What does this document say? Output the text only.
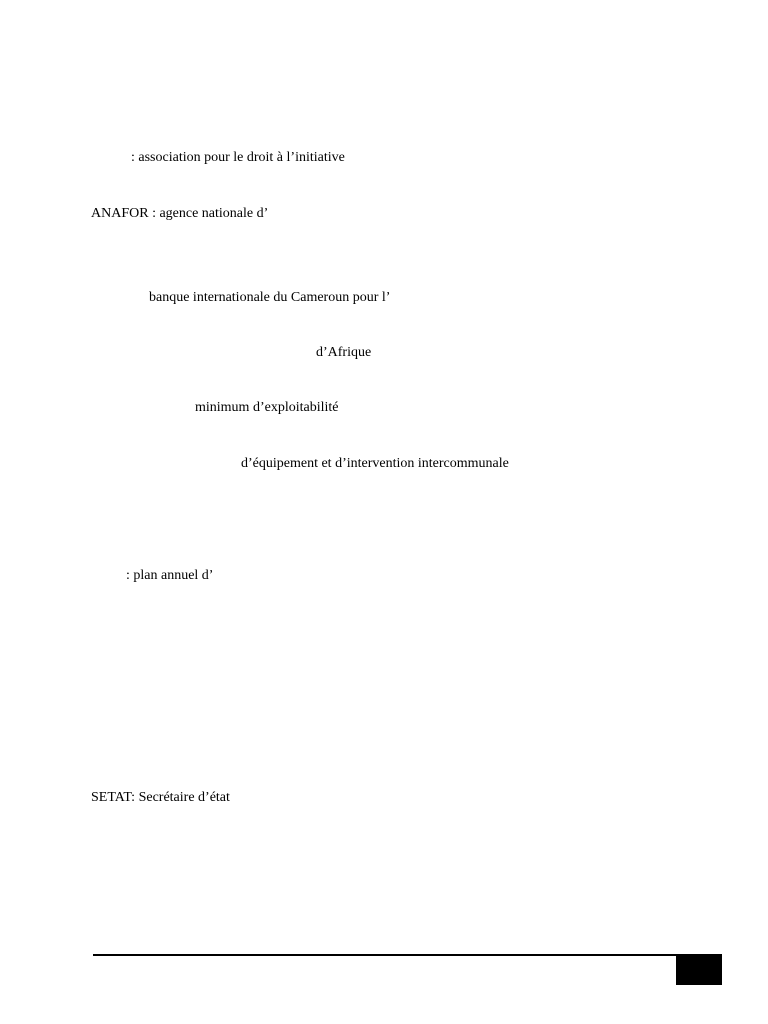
: association pour le droit à l’initiative
ANAFOR : agence nationale d’
banque internationale du Cameroun pour l’
d’Afrique
minimum d’exploitabilité
d’équipement et d’intervention intercommunale
: plan annuel d’
SETAT: Secrétaire d’état
